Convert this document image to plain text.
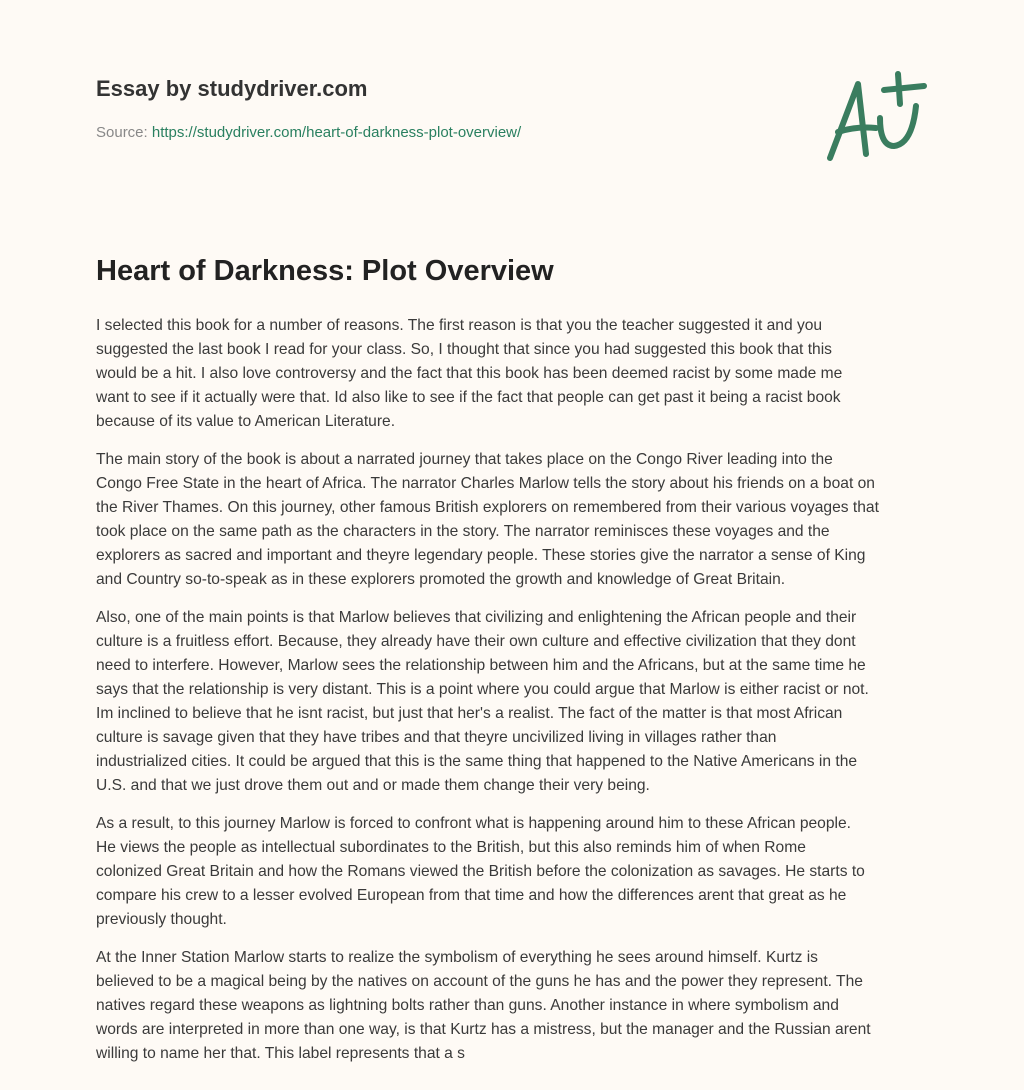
Essay by studydriver.com
Source: https://studydriver.com/heart-of-darkness-plot-overview/
Heart of Darkness: Plot Overview

I selected this book for a number of reasons. The first reason is that you the teacher suggested it and you
suggested the last book I read for your class. So, I thought that since you had suggested this book that this
would be a hit. I also love controversy and the fact that this book has been deemed racist by some made me
want to see if it actually were that. Id also like to see if the fact that people can get past it being a racist book
because of its value to American Literature.

The main story of the book is about a narrated journey that takes place on the Congo River leading into the
Congo Free State in the heart of Africa. The narrator Charles Marlow tells the story about his friends on a boat on
the River Thames. On this journey, other famous British explorers on remembered from their various voyages that
took place on the same path as the characters in the story. The narrator reminisces these voyages and the
explorers as sacred and important and theyre legendary people. These stories give the narrator a sense of King
and Country so-to-speak as in these explorers promoted the growth and knowledge of Great Britain.

Also, one of the main points is that Marlow believes that civilizing and enlightening the African people and their
culture is a fruitless effort. Because, they already have their own culture and effective civilization that they dont
need to interfere. However, Marlow sees the relationship between him and the Africans, but at the same time he
says that the relationship is very distant. This is a point where you could argue that Marlow is either racist or not.
Im inclined to believe that he isnt racist, but just that her's a realist. The fact of the matter is that most African
culture is savage given that they have tribes and that theyre uncivilized living in villages rather than
industrialized cities. It could be argued that this is the same thing that happened to the Native Americans in the
U.S. and that we just drove them out and or made them change their very being.

As a result, to this journey Marlow is forced to confront what is happening around him to these African people.
He views the people as intellectual subordinates to the British, but this also reminds him of when Rome
colonized Great Britain and how the Romans viewed the British before the colonization as savages. He starts to
compare his crew to a lesser evolved European from that time and how the differences arent that great as he
previously thought.

At the Inner Station Marlow starts to realize the symbolism of everything he sees around himself. Kurtz is
believed to be a magical being by the natives on account of the guns he has and the power they represent. The
natives regard these weapons as lightning bolts rather than guns. Another instance in where symbolism and
words are interpreted in more than one way, is that Kurtz has a mistress, but the manager and the Russian arent
willing to name her that. This label represents that a s
